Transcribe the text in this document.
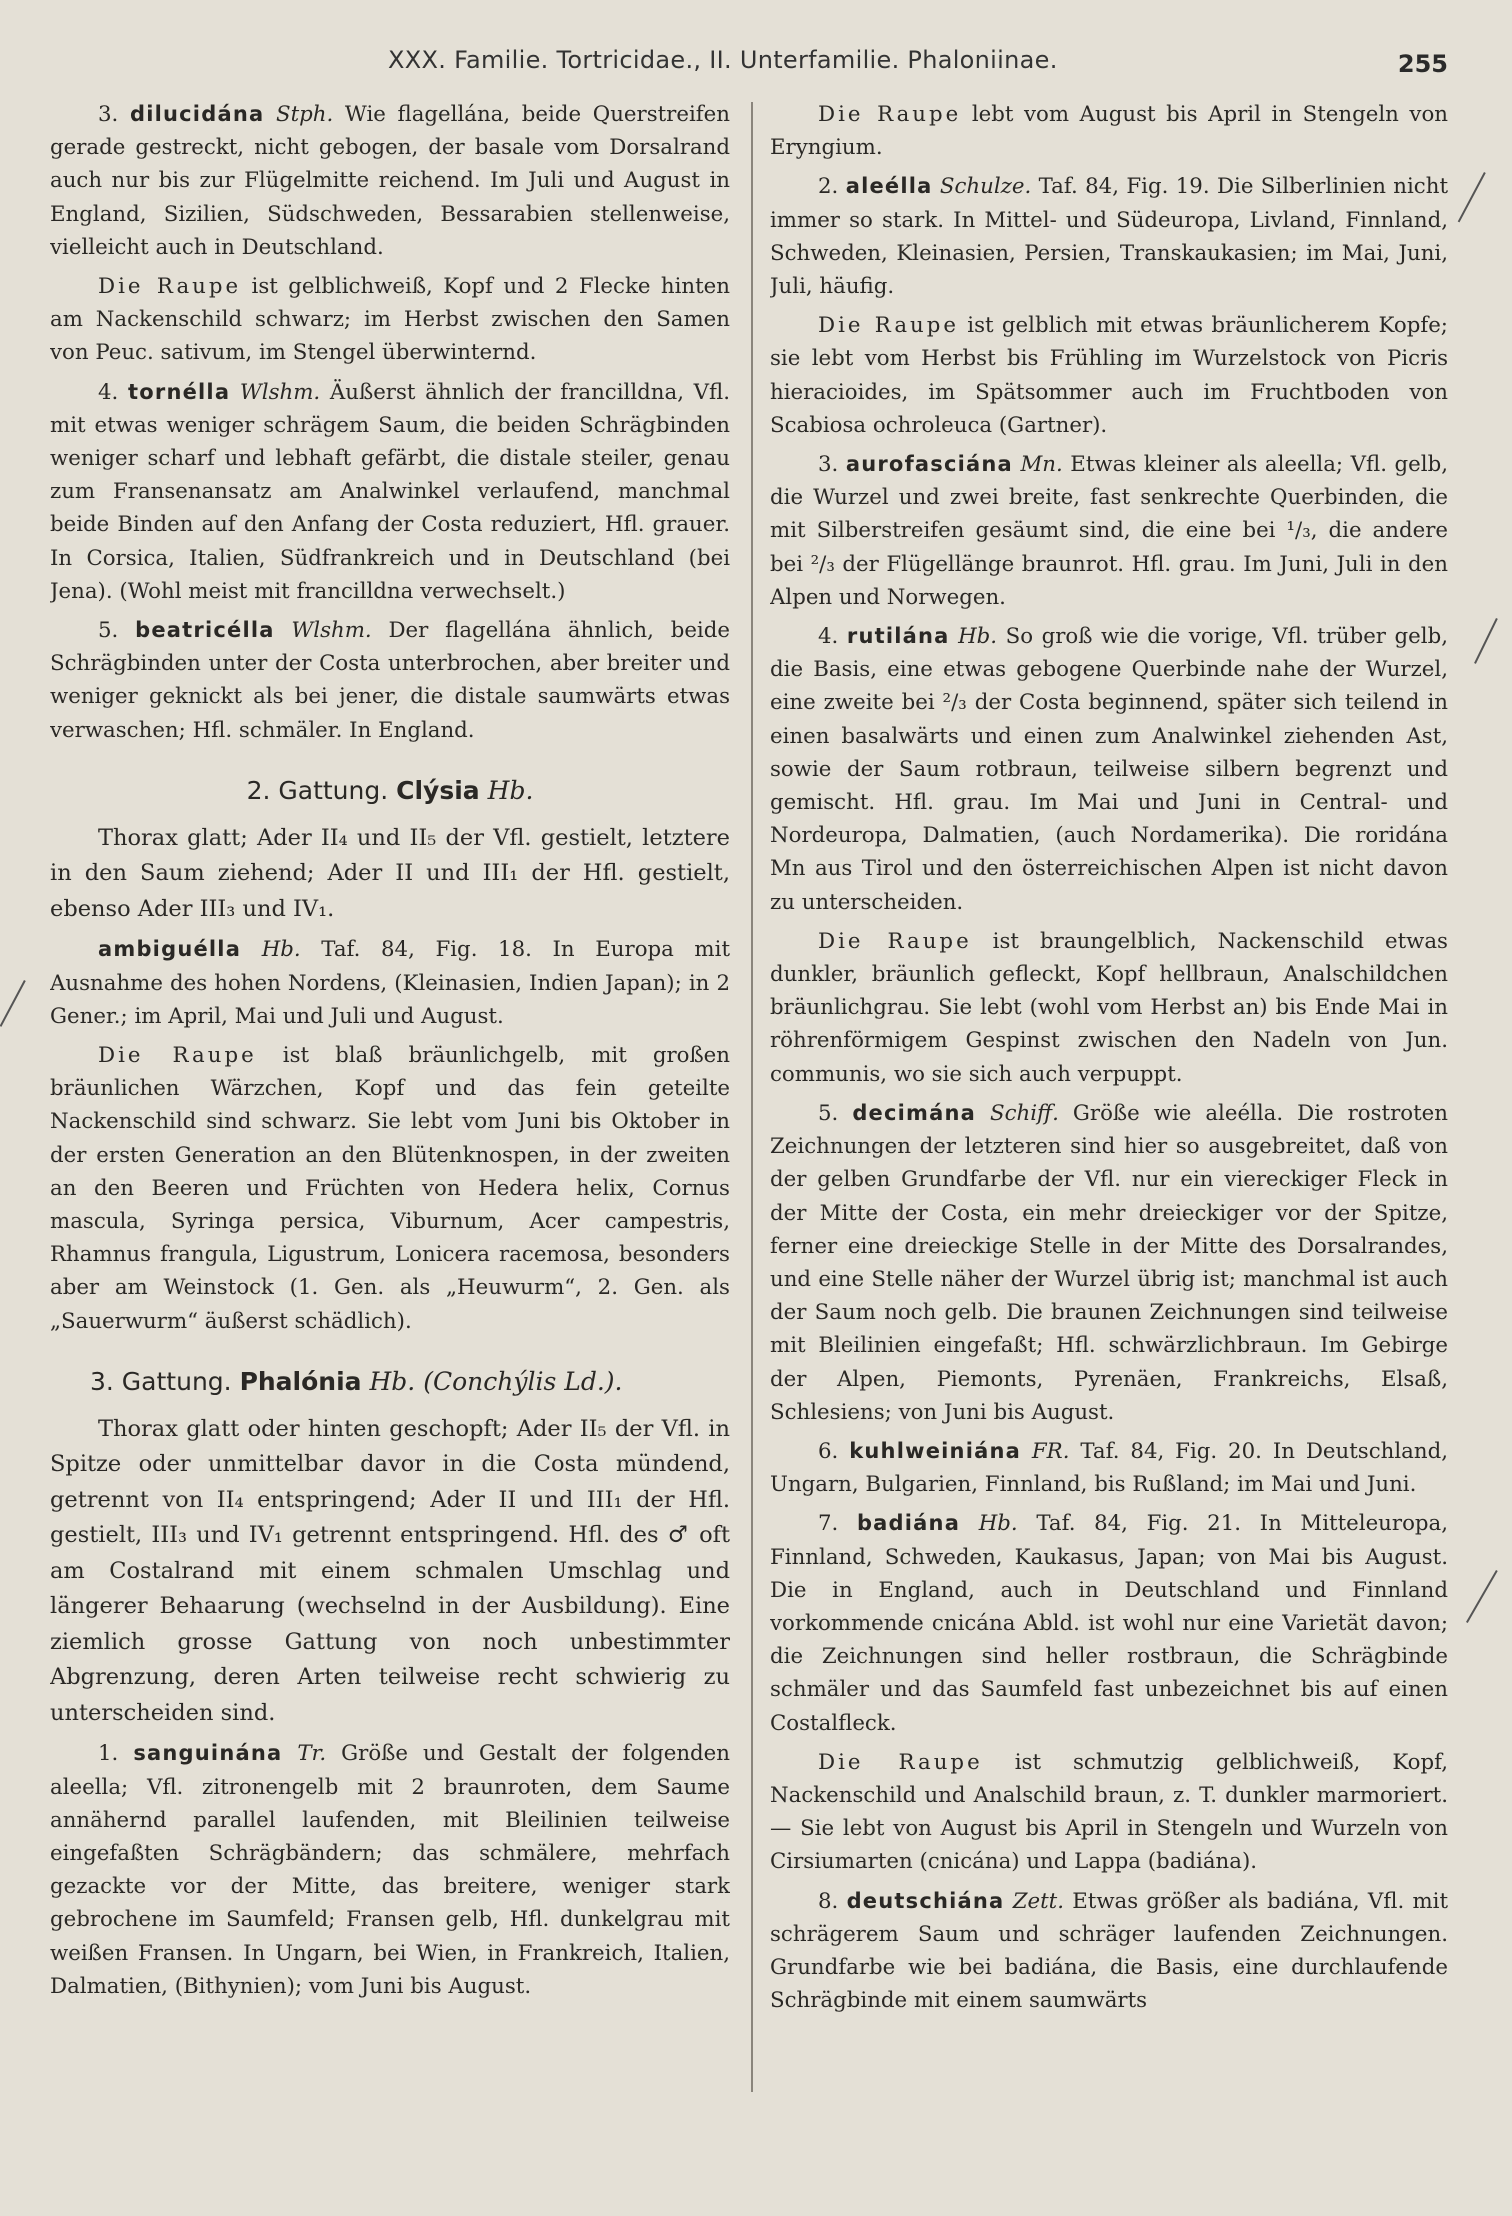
XXX. Familie. Tortricidae., II. Unterfamilie. Phaloniinae.	255

3. dilucidána Stph. Wie flagellána, beide Querstreifen gerade gestreckt, nicht gebogen, der basale vom Dorsalrand auch nur bis zur Flügelmitte reichend. Im Juli und August in England, Sizilien, Südschweden, Bessarabien stellenweise, vielleicht auch in Deutschland.

Die Raupe ist gelblichweiß, Kopf und 2 Flecke hinten am Nackenschild schwarz; im Herbst zwischen den Samen von Peuc. sativum, im Stengel überwinternd.

4. tornélla Wlshm. Äußerst ähnlich der francilldna, Vfl. mit etwas weniger schrägem Saum, die beiden Schrägbinden weniger scharf und lebhaft gefärbt, die distale steiler, genau zum Fransenansatz am Analwinkel verlaufend, manchmal beide Binden auf den Anfang der Costa reduziert, Hfl. grauer. In Corsica, Italien, Südfrankreich und in Deutschland (bei Jena). (Wohl meist mit francilldna verwechselt.)

5. beatricélla Wlshm. Der flagellána ähnlich, beide Schrägbinden unter der Costa unterbrochen, aber breiter und weniger geknickt als bei jener, die distale saumwärts etwas verwaschen; Hfl. schmäler. In England.

2. Gattung. Clýsia Hb.

Thorax glatt; Ader II₄ und II₅ der Vfl. gestielt, letztere in den Saum ziehend; Ader II und III₁ der Hfl. gestielt, ebenso Ader III₃ und IV₁.

ambiguélla Hb. Taf. 84, Fig. 18. In Europa mit Ausnahme des hohen Nordens, (Kleinasien, Indien Japan); in 2 Gener.; im April, Mai und Juli und August.

Die Raupe ist blaß bräunlichgelb, mit großen bräunlichen Wärzchen, Kopf und das fein geteilte Nackenschild sind schwarz. Sie lebt vom Juni bis Oktober in der ersten Generation an den Blütenknospen, in der zweiten an den Beeren und Früchten von Hedera helix, Cornus mascula, Syringa persica, Viburnum, Acer campestris, Rhamnus frangula, Ligustrum, Lonicera racemosa, besonders aber am Weinstock (1. Gen. als „Heuwurm“, 2. Gen. als „Sauerwurm“ äußerst schädlich).

3. Gattung. Phalónia Hb. (Conchýlis Ld.).

Thorax glatt oder hinten geschopft; Ader II₅ der Vfl. in Spitze oder unmittelbar davor in die Costa mündend, getrennt von II₄ entspringend; Ader II und III₁ der Hfl. gestielt, III₃ und IV₁ getrennt entspringend. Hfl. des ♂ oft am Costalrand mit einem schmalen Umschlag und längerer Behaarung (wechselnd in der Ausbildung). Eine ziemlich grosse Gattung von noch unbestimmter Abgrenzung, deren Arten teilweise recht schwierig zu unterscheiden sind.

1. sanguinána Tr. Größe und Gestalt der folgenden aleella; Vfl. zitronengelb mit 2 braunroten, dem Saume annähernd parallel laufenden, mit Bleilinien teilweise eingefaßten Schrägbändern; das schmälere, mehrfach gezackte vor der Mitte, das breitere, weniger stark gebrochene im Saumfeld; Fransen gelb, Hfl. dunkelgrau mit weißen Fransen. In Ungarn, bei Wien, in Frankreich, Italien, Dalmatien, (Bithynien); vom Juni bis August.

Die Raupe lebt vom August bis April in Stengeln von Eryngium.

2. aleélla Schulze. Taf. 84, Fig. 19. Die Silberlinien nicht immer so stark. In Mittel- und Südeuropa, Livland, Finnland, Schweden, Kleinasien, Persien, Transkaukasien; im Mai, Juni, Juli, häufig.

Die Raupe ist gelblich mit etwas bräunlicherem Kopfe; sie lebt vom Herbst bis Frühling im Wurzelstock von Picris hieracioides, im Spätsommer auch im Fruchtboden von Scabiosa ochroleuca (Gartner).

3. aurofasciána Mn. Etwas kleiner als aleella; Vfl. gelb, die Wurzel und zwei breite, fast senkrechte Querbinden, die mit Silberstreifen gesäumt sind, die eine bei ¹/₃, die andere bei ²/₃ der Flügellänge braunrot. Hfl. grau. Im Juni, Juli in den Alpen und Norwegen.

4. rutilána Hb. So groß wie die vorige, Vfl. trüber gelb, die Basis, eine etwas gebogene Querbinde nahe der Wurzel, eine zweite bei ²/₃ der Costa beginnend, später sich teilend in einen basalwärts und einen zum Analwinkel ziehenden Ast, sowie der Saum rotbraun, teilweise silbern begrenzt und gemischt. Hfl. grau. Im Mai und Juni in Central- und Nordeuropa, Dalmatien, (auch Nordamerika). Die roridána Mn aus Tirol und den österreichischen Alpen ist nicht davon zu unterscheiden.

Die Raupe ist braungelblich, Nackenschild etwas dunkler, bräunlich gefleckt, Kopf hellbraun, Analschildchen bräunlichgrau. Sie lebt (wohl vom Herbst an) bis Ende Mai in röhrenförmigem Gespinst zwischen den Nadeln von Jun. communis, wo sie sich auch verpuppt.

5. decimána Schiff. Größe wie aleélla. Die rostroten Zeichnungen der letzteren sind hier so ausgebreitet, daß von der gelben Grundfarbe der Vfl. nur ein viereckiger Fleck in der Mitte der Costa, ein mehr dreieckiger vor der Spitze, ferner eine dreieckige Stelle in der Mitte des Dorsalrandes, und eine Stelle näher der Wurzel übrig ist; manchmal ist auch der Saum noch gelb. Die braunen Zeichnungen sind teilweise mit Bleilinien eingefaßt; Hfl. schwärzlichbraun. Im Gebirge der Alpen, Piemonts, Pyrenäen, Frankreichs, Elsaß, Schlesiens; von Juni bis August.

6. kuhlweiniána FR. Taf. 84, Fig. 20. In Deutschland, Ungarn, Bulgarien, Finnland, bis Rußland; im Mai und Juni.

7. badiána Hb. Taf. 84, Fig. 21. In Mitteleuropa, Finnland, Schweden, Kaukasus, Japan; von Mai bis August. Die in England, auch in Deutschland und Finnland vorkommende cnicána Abld. ist wohl nur eine Varietät davon; die Zeichnungen sind heller rostbraun, die Schrägbinde schmäler und das Saumfeld fast unbezeichnet bis auf einen Costalfleck.

Die Raupe ist schmutzig gelblichweiß, Kopf, Nackenschild und Analschild braun, z. T. dunkler marmoriert. — Sie lebt von August bis April in Stengeln und Wurzeln von Cirsiumarten (cnicána) und Lappa (badiána).

8. deutschiána Zett. Etwas größer als badiána, Vfl. mit schrägerem Saum und schräger laufenden Zeichnungen. Grundfarbe wie bei badiána, die Basis, eine durchlaufende Schrägbinde mit einem saumwärts
